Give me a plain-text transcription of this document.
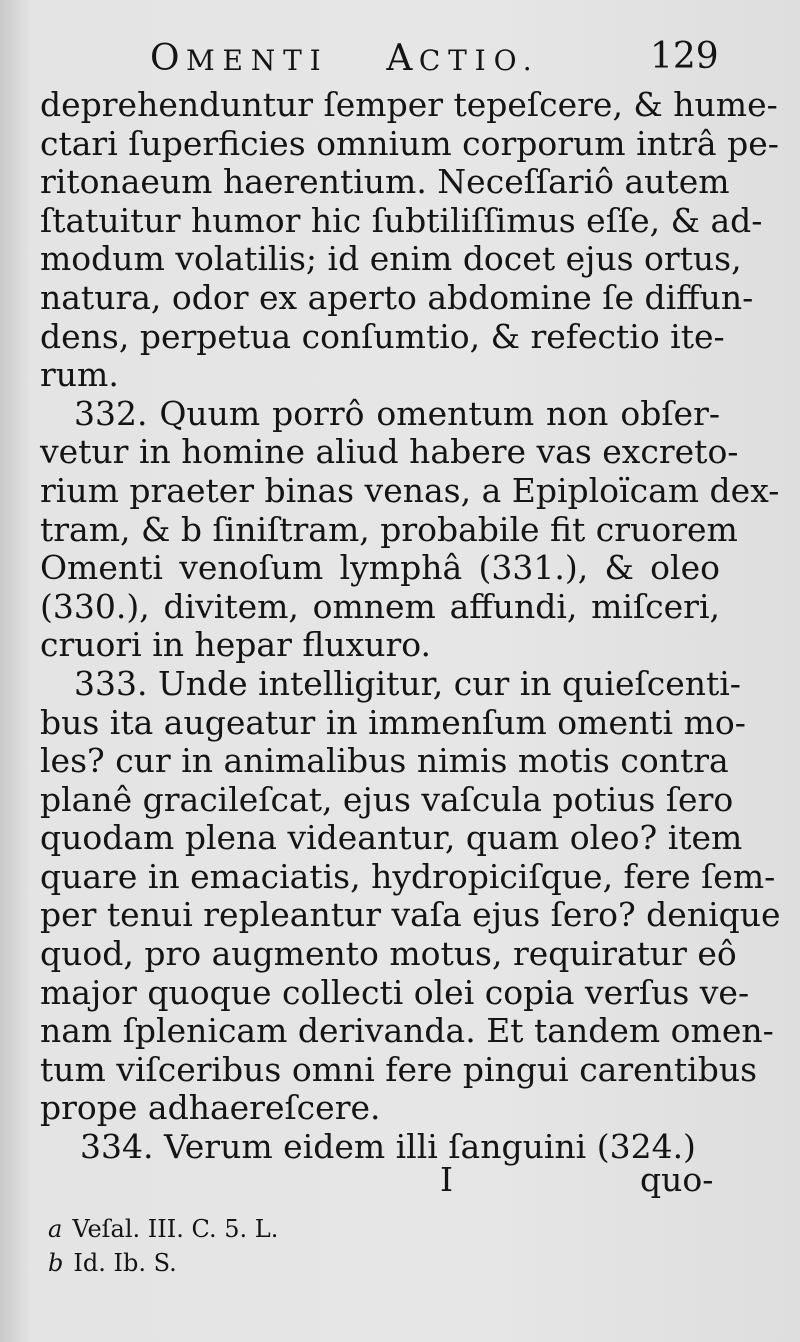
OMENTI ACTIO.	129
deprehenduntur ſemper tepeſcere, & hume-
ctari ſuperficies omnium corporum intrâ pe-
ritonaeum haerentium. Neceſſariô autem
ſtatuitur humor hic ſubtiliſſimus eſſe, & ad-
modum volatilis; id enim docet ejus ortus,
natura, odor ex aperto abdomine ſe diffun-
dens, perpetua conſumtio, & refectio ite-
rum.
332. Quum porrô omentum non obſer-
vetur in homine aliud habere vas excreto-
rium praeter binas venas, a Epiploïcam dex-
tram, & b ſiniſtram, probabile fit cruorem
Omenti venoſum lymphâ (331.), & oleo
(330.), divitem, omnem affundi, miſceri,
cruori in hepar fluxuro.
333. Unde intelligitur, cur in quieſcenti-
bus ita augeatur in immenſum omenti mo-
les? cur in animalibus nimis motis contra
planê gracileſcat, ejus vaſcula potius ſero
quodam plena videantur, quam oleo? item
quare in emaciatis, hydropiciſque, fere ſem-
per tenui repleantur vaſa ejus ſero? denique
quod, pro augmento motus, requiratur eô
major quoque collecti olei copia verſus ve-
nam ſplenicam derivanda. Et tandem omen-
tum viſceribus omni fere pingui carentibus
prope adhaereſcere.
334. Verum eidem illi ſanguini (324.)
I	quo-
a Veſal. III. C. 5. L.
b Id. Ib. S.
